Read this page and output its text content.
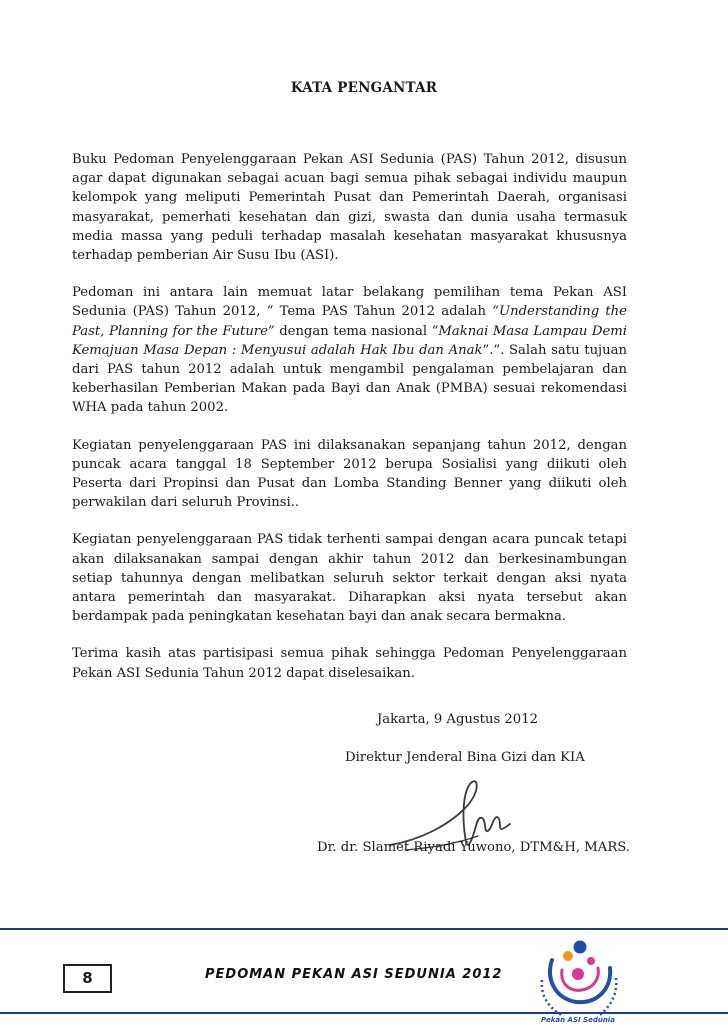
KATA PENGANTAR

Buku Pedoman Penyelenggaraan Pekan ASI Sedunia (PAS) Tahun 2012, disusun agar dapat digunakan sebagai acuan bagi semua pihak sebagai individu maupun kelompok yang meliputi Pemerintah Pusat dan Pemerintah Daerah, organisasi masyarakat, pemerhati kesehatan dan gizi, swasta dan dunia usaha termasuk media massa yang peduli terhadap masalah kesehatan masyarakat khususnya terhadap pemberian Air Susu Ibu (ASI).

Pedoman ini antara lain memuat latar belakang pemilihan tema Pekan ASI Sedunia (PAS) Tahun 2012, “ Tema PAS Tahun 2012 adalah “Understanding the Past, Planning for the Future” dengan tema nasional “Maknai Masa Lampau Demi Kemajuan Masa Depan : Menyusui adalah Hak Ibu dan Anak”.”. Salah satu tujuan dari PAS tahun 2012 adalah untuk mengambil pengalaman pembelajaran dan keberhasilan Pemberian Makan pada Bayi dan Anak (PMBA) sesuai rekomendasi WHA pada tahun 2002.

Kegiatan penyelenggaraan PAS ini dilaksanakan sepanjang tahun 2012, dengan puncak acara tanggal 18 September 2012 berupa Sosialisi yang diikuti oleh Peserta dari Propinsi dan Pusat dan Lomba Standing Benner yang diikuti oleh perwakilan dari seluruh Provinsi..

Kegiatan penyelenggaraan PAS tidak terhenti sampai dengan acara puncak tetapi akan dilaksanakan sampai dengan akhir tahun 2012 dan berkesinambungan setiap tahunnya dengan melibatkan seluruh sektor terkait dengan aksi nyata antara pemerintah dan masyarakat. Diharapkan aksi nyata tersebut akan berdampak pada peningkatan kesehatan bayi dan anak secara bermakna.

Terima kasih atas partisipasi semua pihak sehingga Pedoman Penyelenggaraan Pekan ASI Sedunia Tahun 2012 dapat diselesaikan.

Jakarta, 9 Agustus 2012
Direktur Jenderal Bina Gizi dan KIA
Dr. dr. Slamet Riyadi Yuwono, DTM&H, MARS.
8	PEDOMAN PEKAN ASI SEDUNIA 2012
Pekan ASI Sedunia
